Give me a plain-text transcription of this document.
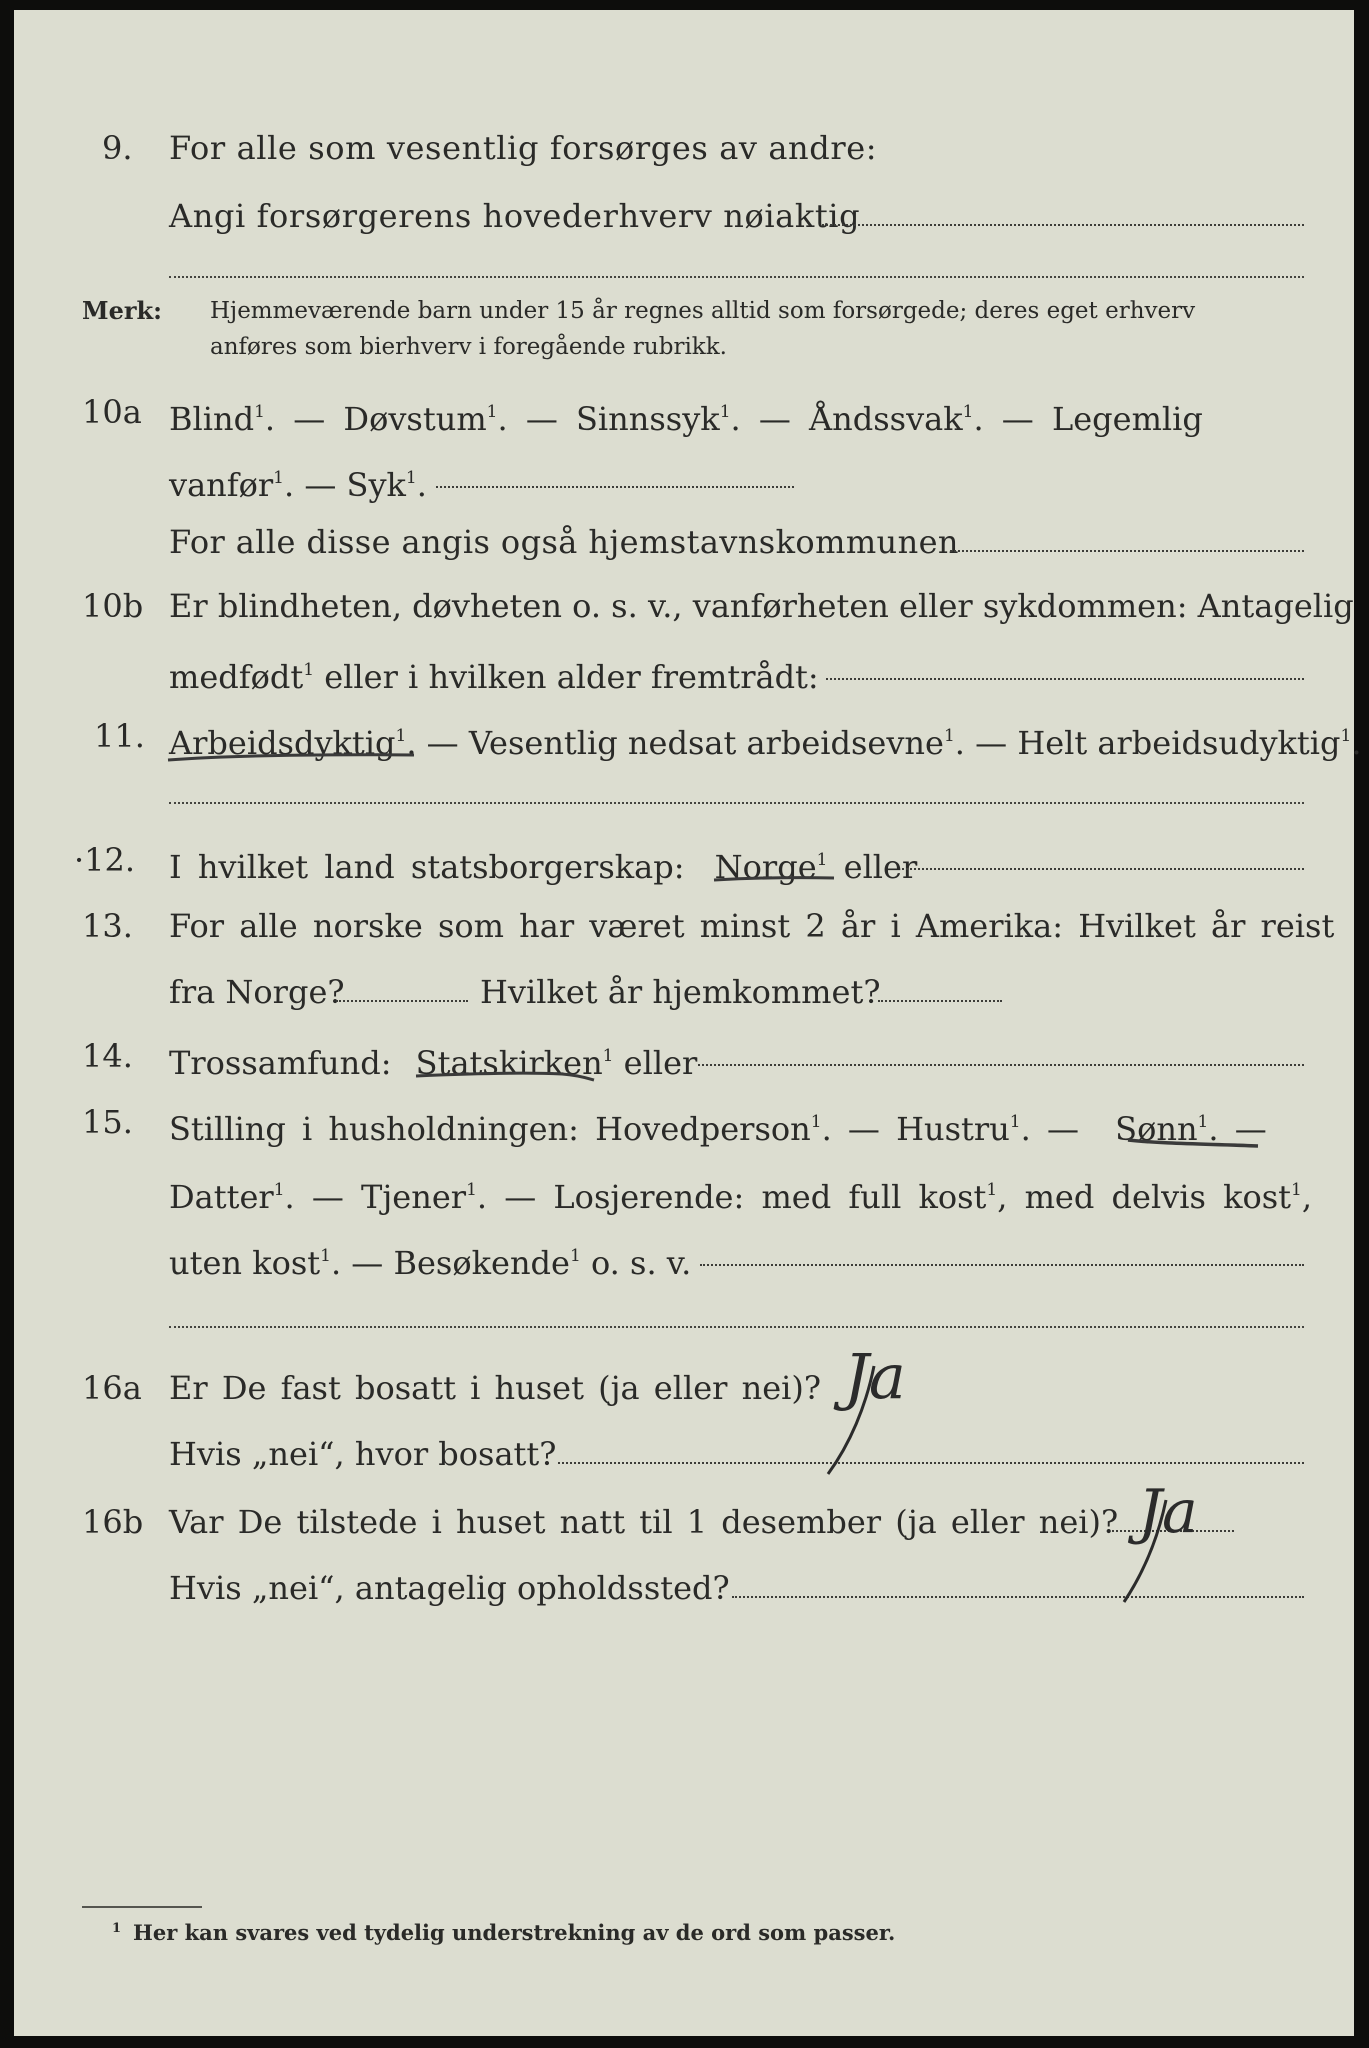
9. For alle som vesentlig forsørges av andre:
Angi forsørgerens hovederhverv nøiaktig
Merk: Hjemmeværende barn under 15 år regnes alltid som forsørgede; deres eget erhverv
anføres som bierhverv i foregående rubrikk.
10a Blind$^1$. — Døvstum$^1$. — Sinnssyk$^1$. — Åndssvak$^1$. — Legemlig
vanfør$^1$. — Syk$^1$.
For alle disse angis også hjemstavnskommunen
10b Er blindheten, døvheten o. s. v., vanførheten eller sykdommen: Antagelig
medfødt$^1$ eller i hvilken alder fremtrådt:
11. Arbeidsdyktig$^1$. — Vesentlig nedsat arbeidsevne$^1$. — Helt arbeidsudyktig$^1$.
·12. I hvilket land statsborgerskap: Norge$^1$ eller
13. For alle norske som har været minst 2 år i Amerika: Hvilket år reist
fra Norge?	Hvilket år hjemkommet?
14. Trossamfund: Statskirken$^1$ eller
15. Stilling i husholdningen: Hovedperson$^1$. — Hustru$^1$. — Sønn$^1$. —
Datter$^1$. — Tjener$^1$. — Losjerende: med full kost$^1$, med delvis kost$^1$,
uten kost$^1$. — Besøkende$^1$ o. s. v.
16a Er De fast bosatt i huset (ja eller nei)?
Hvis „nei“, hvor bosatt?
Ja
16b Var De tilstede i huset natt til 1 desember (ja eller nei)?
Hvis „nei“, antagelig opholdssted?
Ja
$^1$ Her kan svares ved tydelig understrekning av de ord som passer.
